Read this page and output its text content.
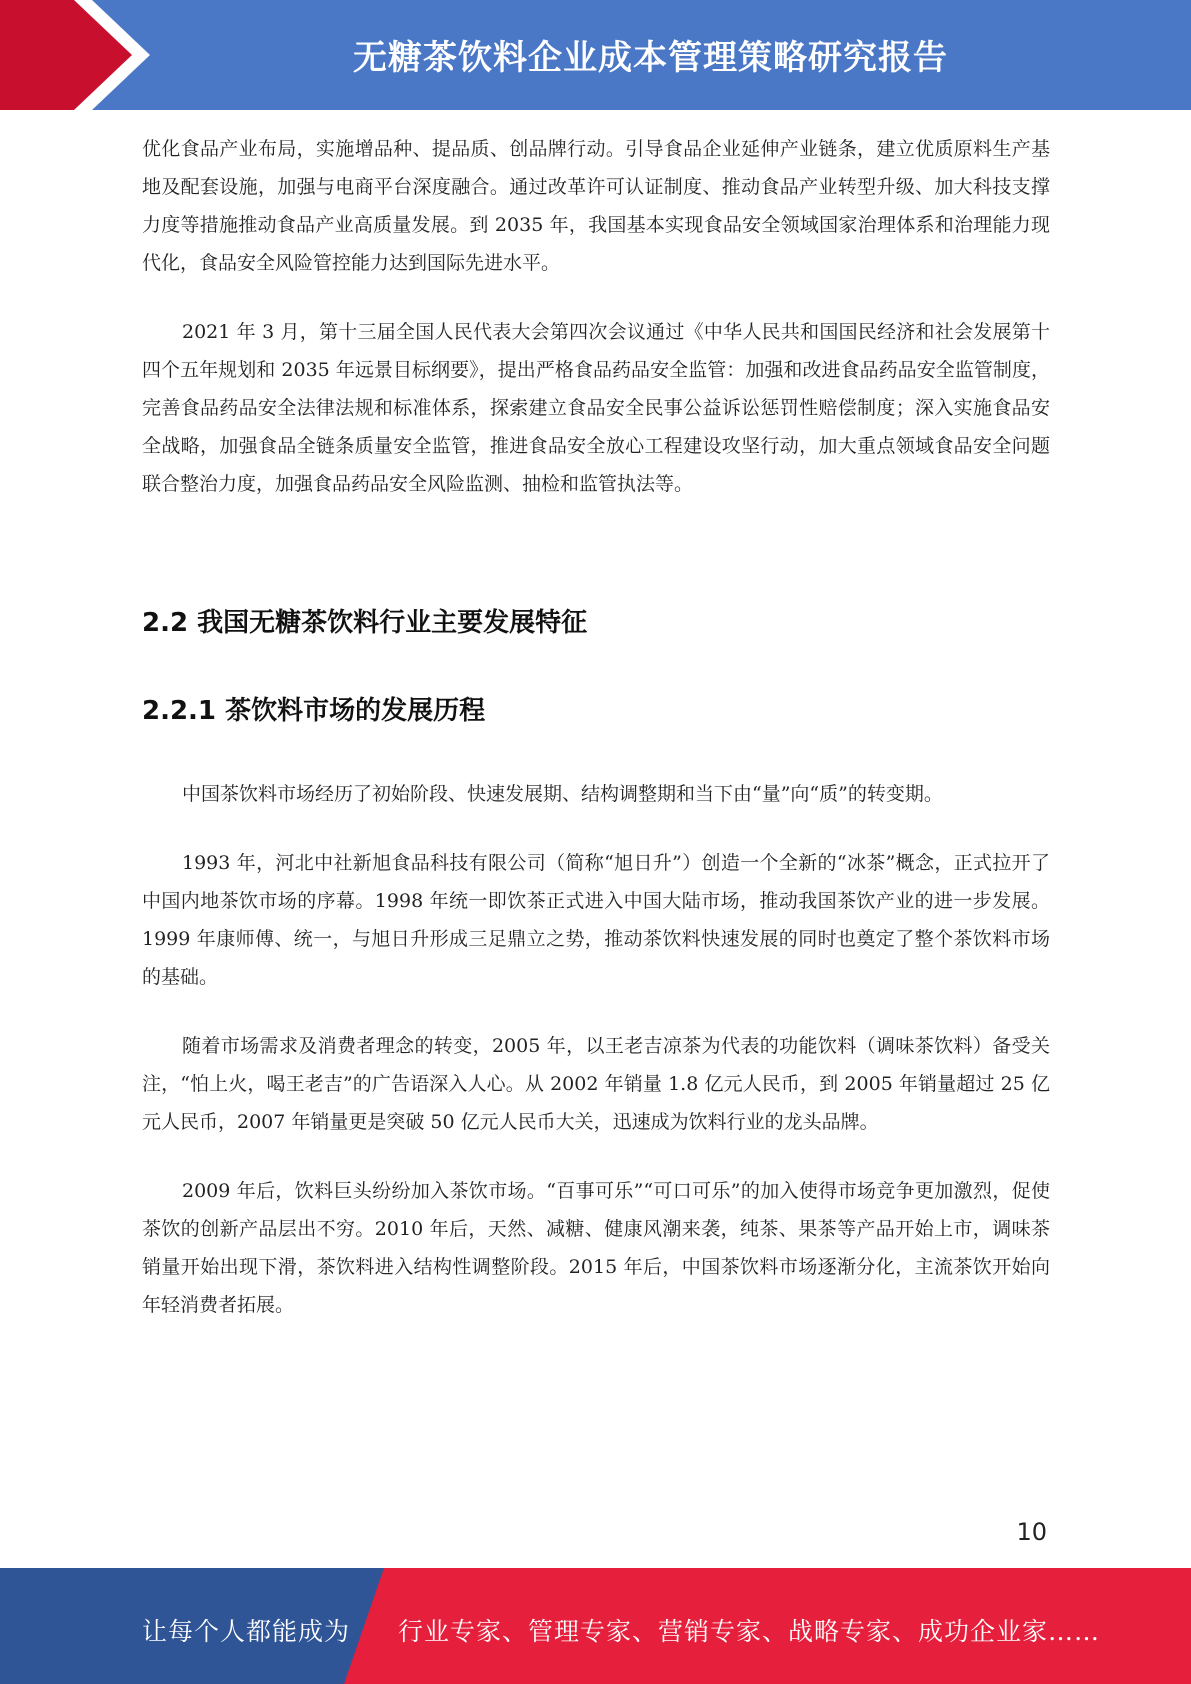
无糖茶饮料企业成本管理策略研究报告

优化食品产业布局，实施增品种、提品质、创品牌行动。引导食品企业延伸产业链条，建立优质原料生产基地及配套设施，加强与电商平台深度融合。通过改革许可认证制度、推动食品产业转型升级、加大科技支撑力度等措施推动食品产业高质量发展。到 2035 年，我国基本实现食品安全领域国家治理体系和治理能力现代化，食品安全风险管控能力达到国际先进水平。

2021 年 3 月，第十三届全国人民代表大会第四次会议通过《中华人民共和国国民经济和社会发展第十四个五年规划和 2035 年远景目标纲要》，提出严格食品药品安全监管：加强和改进食品药品安全监管制度，完善食品药品安全法律法规和标准体系，探索建立食品安全民事公益诉讼惩罚性赔偿制度；深入实施食品安全战略，加强食品全链条质量安全监管，推进食品安全放心工程建设攻坚行动，加大重点领域食品安全问题联合整治力度，加强食品药品安全风险监测、抽检和监管执法等。

2.2 我国无糖茶饮料行业主要发展特征
2.2.1 茶饮料市场的发展历程

中国茶饮料市场经历了初始阶段、快速发展期、结构调整期和当下由“量”向“质”的转变期。

1993 年，河北中社新旭食品科技有限公司（简称“旭日升”）创造一个全新的“冰茶”概念，正式拉开了中国内地茶饮市场的序幕。1998 年统一即饮茶正式进入中国大陆市场，推动我国茶饮产业的进一步发展。1999 年康师傅、统一，与旭日升形成三足鼎立之势，推动茶饮料快速发展的同时也奠定了整个茶饮料市场的基础。

随着市场需求及消费者理念的转变，2005 年，以王老吉凉茶为代表的功能饮料（调味茶饮料）备受关注，“怕上火，喝王老吉”的广告语深入人心。从 2002 年销量 1.8 亿元人民币，到 2005 年销量超过 25 亿元人民币，2007 年销量更是突破 50 亿元人民币大关，迅速成为饮料行业的龙头品牌。

2009 年后，饮料巨头纷纷加入茶饮市场。“百事可乐”“可口可乐”的加入使得市场竞争更加激烈，促使茶饮的创新产品层出不穷。2010 年后，天然、减糖、健康风潮来袭，纯茶、果茶等产品开始上市，调味茶销量开始出现下滑，茶饮料进入结构性调整阶段。2015 年后，中国茶饮料市场逐渐分化，主流茶饮开始向年轻消费者拓展。

10
让每个人都能成为 行业专家、管理专家、营销专家、战略专家、成功企业家……
